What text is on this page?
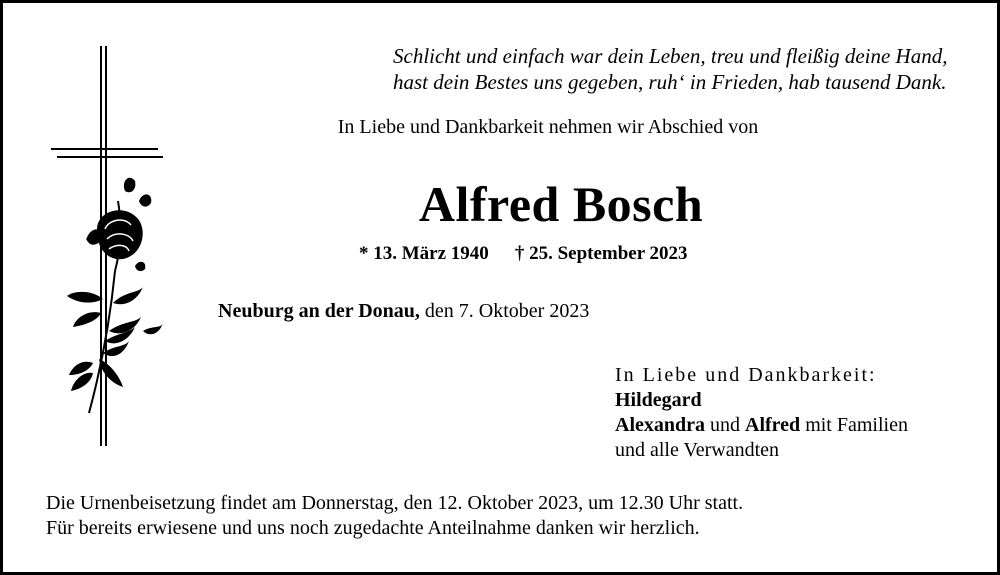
Schlicht und einfach war dein Leben, treu und fleißig deine Hand,
hast dein Bestes uns gegeben, ruh‘ in Frieden, hab tausend Dank.
In Liebe und Dankbarkeit nehmen wir Abschied von
Alfred Bosch
* 13. März 1940 † 25. September 2023
Neuburg an der Donau, den 7. Oktober 2023
In Liebe und Dankbarkeit:
Hildegard
Alexandra und Alfred mit Familien
und alle Verwandten
Die Urnenbeisetzung findet am Donnerstag, den 12. Oktober 2023, um 12.30 Uhr statt.
Für bereits erwiesene und uns noch zugedachte Anteilnahme danken wir herzlich.
